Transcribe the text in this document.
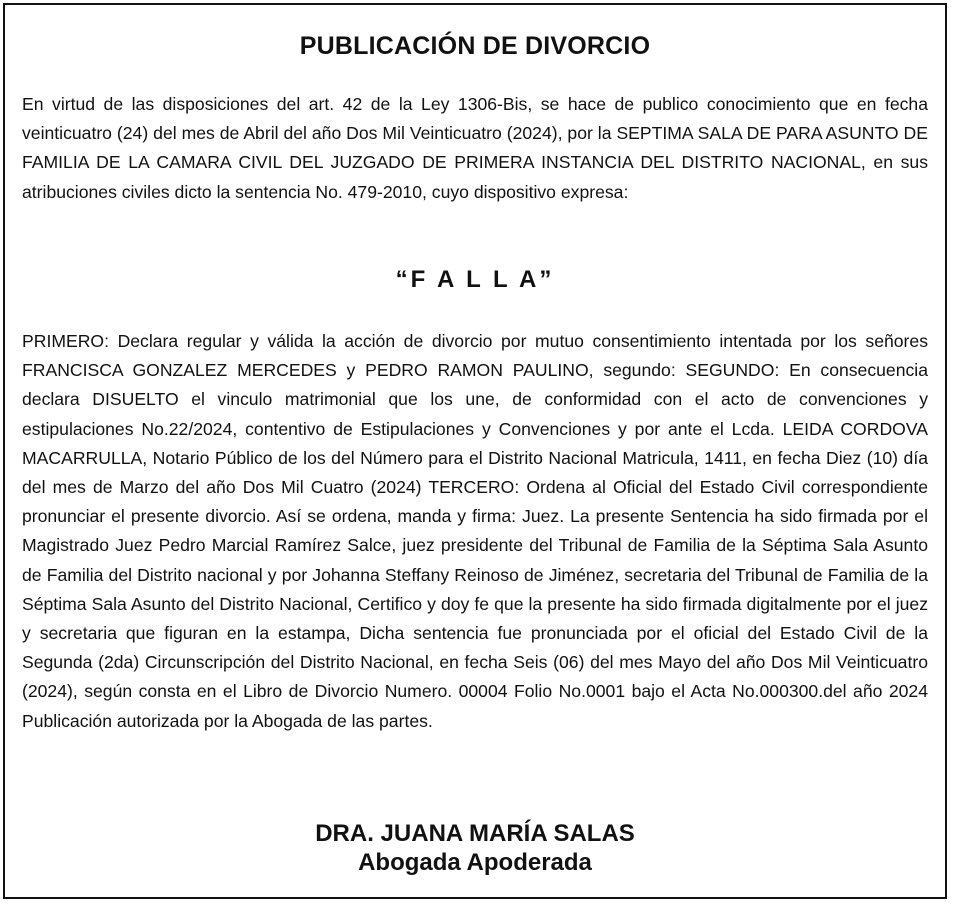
PUBLICACIÓN DE DIVORCIO
En virtud de las disposiciones del art. 42 de la Ley 1306-Bis, se hace de publico conocimiento que en fecha veinticuatro (24) del mes de Abril del año Dos Mil Veinticuatro (2024), por la SEPTIMA SALA DE PARA ASUNTO DE FAMILIA DE LA CAMARA CIVIL DEL JUZGADO DE PRIMERA INSTANCIA DEL DISTRITO NACIONAL, en sus atribuciones civiles dicto la sentencia No. 479-2010, cuyo dispositivo expresa:
“F A L L A”
PRIMERO: Declara regular y válida la acción de divorcio por mutuo consentimiento intentada por los señores FRANCISCA GONZALEZ MERCEDES y PEDRO RAMON PAULINO, segundo: SEGUNDO: En consecuencia declara DISUELTO el vinculo matrimonial que los une, de conformidad con el acto de convenciones y estipulaciones No.22/2024, contentivo de Estipulaciones y Convenciones y por ante el Lcda. LEIDA CORDOVA MACARRULLA, Notario Público de los del Número para el Distrito Nacional Matricula, 1411, en fecha Diez (10) día del mes de Marzo del año Dos Mil Cuatro (2024) TERCERO: Ordena al Oficial del Estado Civil correspondiente pronunciar el presente divorcio. Así se ordena, manda y firma: Juez. La presente Sentencia ha sido firmada por el Magistrado Juez Pedro Marcial Ramírez Salce, juez presidente del Tribunal de Familia de la Séptima Sala Asunto de Familia del Distrito nacional y por Johanna Steffany Reinoso de Jiménez, secretaria del Tribunal de Familia de la Séptima Sala Asunto del Distrito Nacional, Certifico y doy fe que la presente ha sido firmada digitalmente por el juez y secretaria que figuran en la estampa, Dicha sentencia fue pronunciada por el oficial del Estado Civil de la Segunda (2da) Circunscripción del Distrito Nacional, en fecha Seis (06) del mes Mayo del año Dos Mil Veinticuatro (2024), según consta en el Libro de Divorcio Numero. 00004 Folio No.0001 bajo el Acta No.000300.del año 2024 Publicación autorizada por la Abogada de las partes.
DRA. JUANA MARÍA SALAS
Abogada Apoderada
